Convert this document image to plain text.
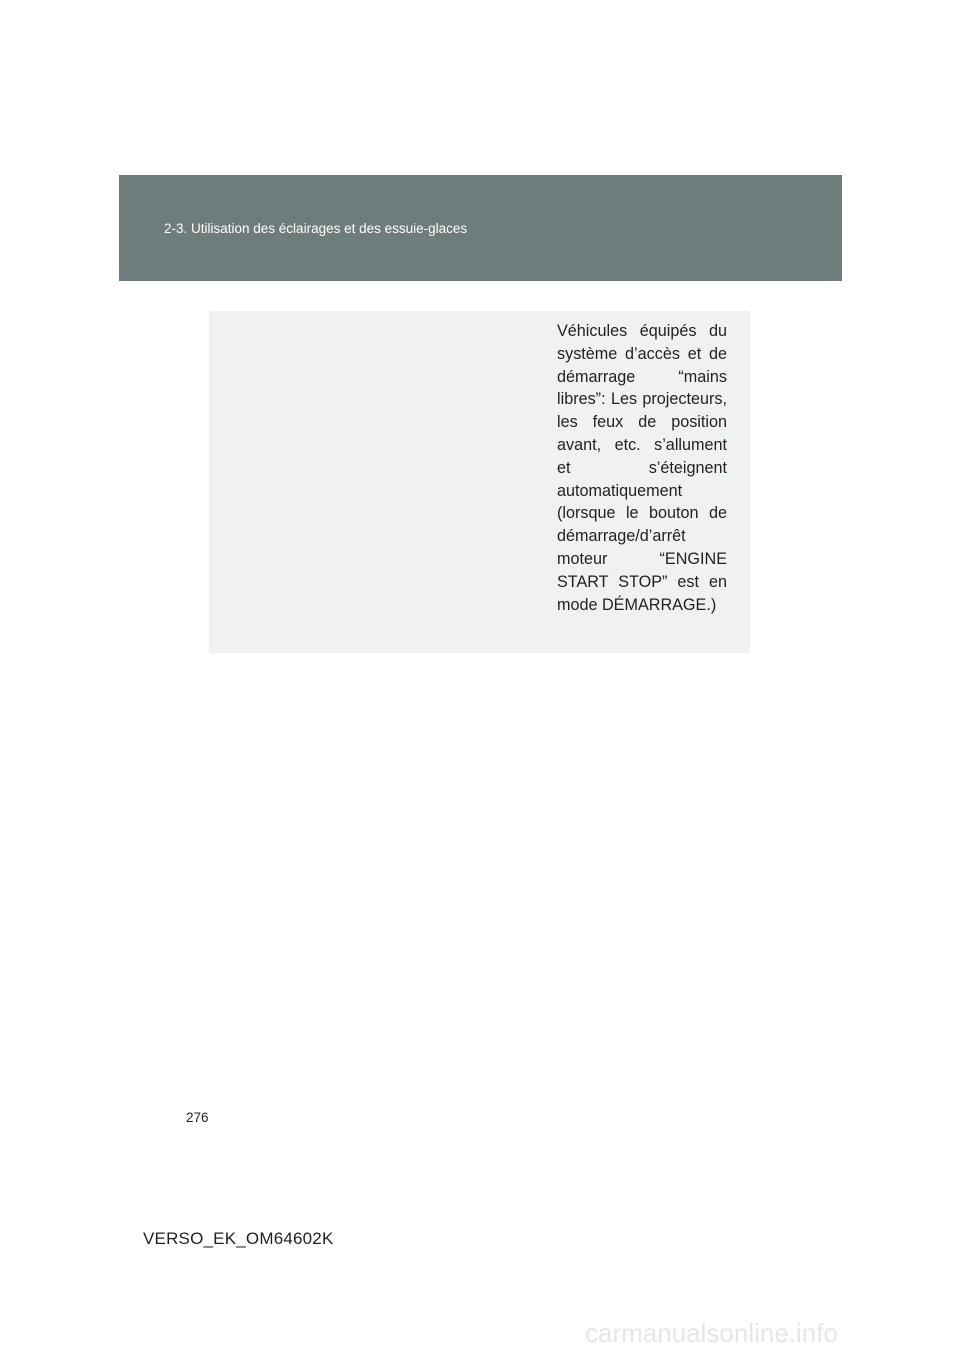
2-3. Utilisation des éclairages et des essuie-glaces

Véhicules équipés du système d’accès et de démarrage “mains libres”: Les projecteurs, les feux de position avant, etc. s’allument et s’éteignent automatiquement (lorsque le bouton de démarrage/d’arrêt moteur “ENGINE START STOP” est en mode DÉMARRAGE.)

276
VERSO_EK_OM64602K
carmanualsonline.info
